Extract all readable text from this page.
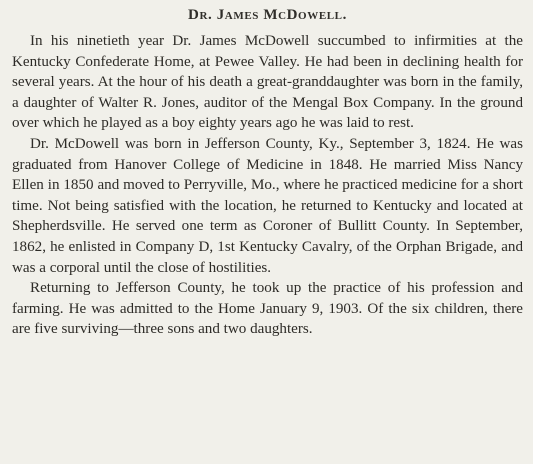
Dr. James McDowell.

In his ninetieth year Dr. James McDowell succumbed to infirmities at the Kentucky Confederate Home, at Pewee Valley. He had been in declining health for several years. At the hour of his death a great-granddaughter was born in the family, a daughter of Walter R. Jones, auditor of the Mengal Box Company. In the ground over which he played as a boy eighty years ago he was laid to rest.

Dr. McDowell was born in Jefferson County, Ky., September 3, 1824. He was graduated from Hanover College of Medicine in 1848. He married Miss Nancy Ellen in 1850 and moved to Perryville, Mo., where he practiced medicine for a short time. Not being satisfied with the location, he returned to Kentucky and located at Shepherdsville. He served one term as Coroner of Bullitt County. In September, 1862, he enlisted in Company D, 1st Kentucky Cavalry, of the Orphan Brigade, and was a corporal until the close of hostilities.

Returning to Jefferson County, he took up the practice of his profession and farming. He was admitted to the Home January 9, 1903. Of the six children, there are five surviving—three sons and two daughters.
